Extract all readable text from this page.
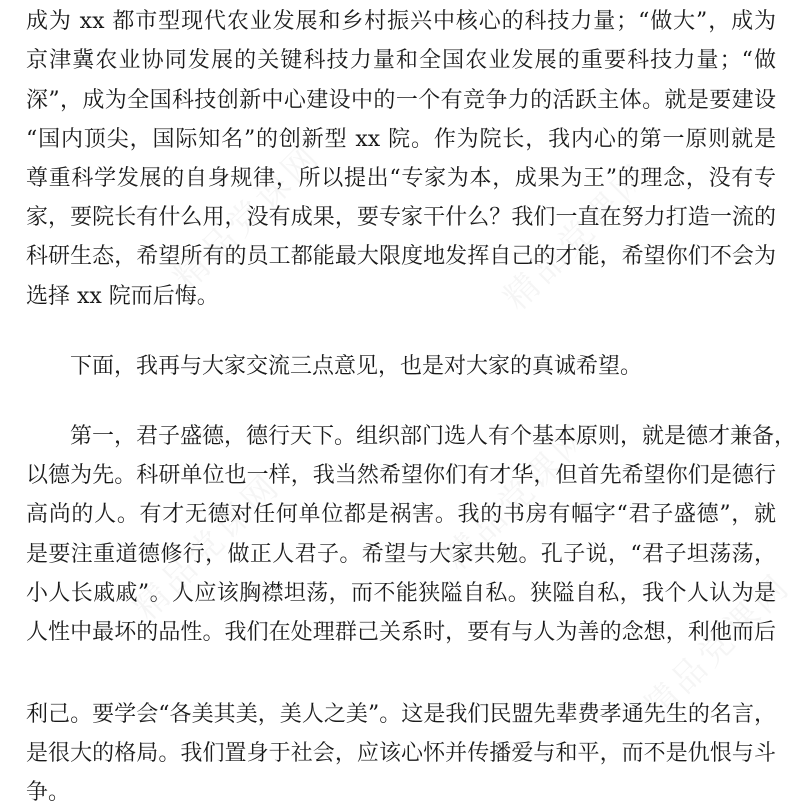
精品党课网	精品党课网
精品党课网	精品党课网
精品党课网
成为 xx 都市型现代农业发展和乡村振兴中核心的科技力量；“做大”，成为
京津冀农业协同发展的关键科技力量和全国农业发展的重要科技力量；“做
深”，成为全国科技创新中心建设中的一个有竞争力的活跃主体。就是要建设
“国内顶尖，国际知名”的创新型 xx 院。作为院长，我内心的第一原则就是
尊重科学发展的自身规律，所以提出“专家为本，成果为王”的理念，没有专
家，要院长有什么用，没有成果，要专家干什么？我们一直在努力打造一流的
科研生态，希望所有的员工都能最大限度地发挥自己的才能，希望你们不会为
选择 xx 院而后悔。
下面，我再与大家交流三点意见，也是对大家的真诚希望。
第一，君子盛德，德行天下。组织部门选人有个基本原则，就是德才兼备，
以德为先。科研单位也一样，我当然希望你们有才华，但首先希望你们是德行
高尚的人。有才无德对任何单位都是祸害。我的书房有幅字“君子盛德”，就
是要注重道德修行，做正人君子。希望与大家共勉。孔子说，“君子坦荡荡，
小人长戚戚”。人应该胸襟坦荡，而不能狭隘自私。狭隘自私，我个人认为是
人性中最坏的品性。我们在处理群己关系时，要有与人为善的念想，利他而后
利己。要学会“各美其美，美人之美”。这是我们民盟先辈费孝通先生的名言，
是很大的格局。我们置身于社会，应该心怀并传播爱与和平，而不是仇恨与斗
争。
